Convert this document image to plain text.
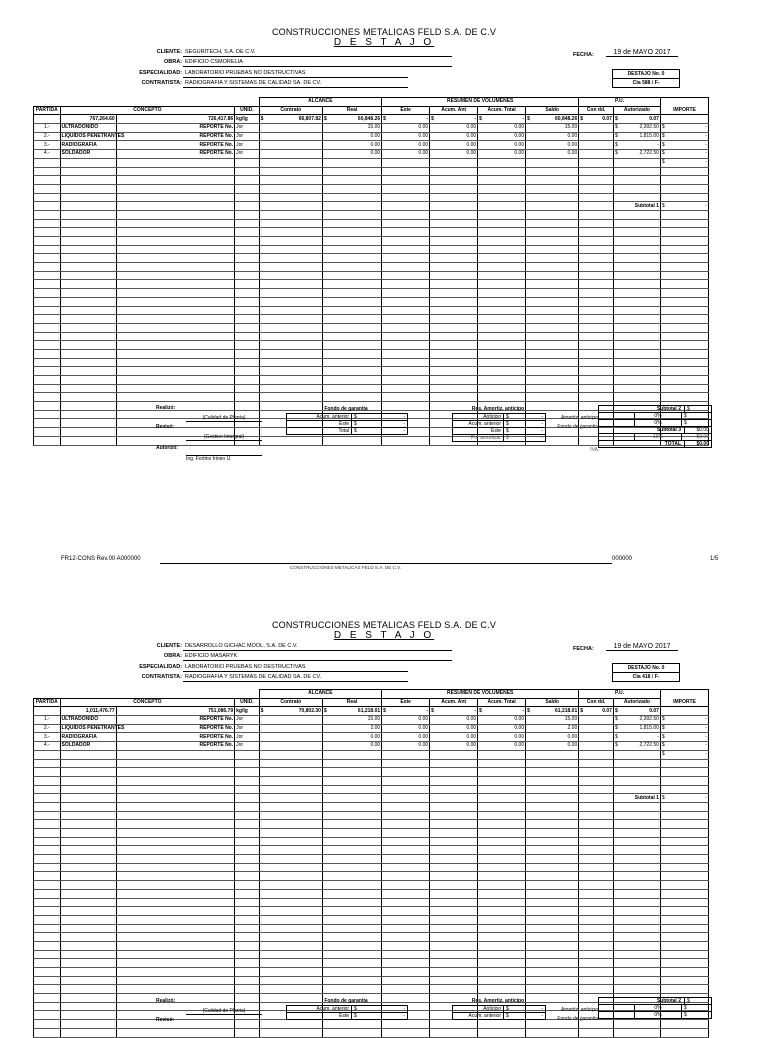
CONSTRUCCIONES METALICAS FELD S.A. DE C.V
D E S T A J O
CLIENTE: SEGURITECH, S.A. DE C.V.
OBRA: EDIFICIO CSMORELIA
ESPECIALIDAD: LABORATORIO PRUEBAS NO DESTRUCTIVAS
CONTRATISTA: RADIOGRAFIA Y SISTEMAS DE CALIDAD SA. DE CV.
FECHA:	19 de MAYO 2017
DESTAJO No. 0
Cta 588 / F-
				ALCANCE		RESUMEN DE VOLUMENES				P.U.		
PARTIDA	CONCEPTO		UNID.	Contrato	Real	Este	Acum. Ant	Acum. Total	Saldo	Con dd.	Autorizado	IMPORTE
	767,264.60	726,417.86	kg/lg	$ 66,807.82	$ 60,848.26	$ -	$ -	$ -	$ 60,848.26	$ 0.07	$ 0.07	
1.-	ULTRADONIDO	REPORTE No.	Jor		15.00	0.00	0.00	0.00	15.00		$ 2,392.50	$ -
2.-	LIQUIDOS PENETRANTES	REPORTE No.	Jor		0.00	0.00	0.00	0.00	0.00		$ 1,815.00	$ -
3.-	RADIOGRAFIA	REPORTE No.	Jor		0.00	0.00	0.00	0.00	0.00		$ -	$ -
4.-	SOLDADOR	REPORTE No.	Jor		0.00	0.00	0.00	0.00	0.00		$ 2,722.50	$ -

												$ -

											Subtotal 1	$ -

Realizó:
(Calidad de Planta)
Revisó:
(Gestion Intergral)
Autorizó:
Ing. Fortino Irineo U.
Fondo de garantia
Acum. anterior	$	-
Este	$	-
Total	$	-
Res. Amortiz. anticipo
Anticipo	$	-
Acum. anterior	$	-
Este	$	-
Por amortizar	$	-
Amortiz. anticipo
Fondo de garantia
IVA
Subtotal 2	$	-
0%	$	-
0%	$	-
Subtotal 3	$0.00
16%	$0.00
TOTAL	$0.00
FR12-CONS Rev.00 A000000
CONSTRUCCIONES METALICAS FELD S.A. DE C.V.
000000	1/5
CONSTRUCCIONES METALICAS FELD S.A. DE C.V
D E S T A J O
CLIENTE: DESARROLLO GICHAC MOOL, S.A. DE C.V.
OBRA: EDIFICIO MASARYK
ESPECIALIDAD: LABORATORIO PRUEBAS NO DESTRUCTIVAS
CONTRATISTA: RADIOGRAFIA Y SISTEMAS DE CALIDAD SA. DE CV.
FECHA:	19 de MAYO 2017
DESTAJO No. 0
Cta 418 / F-
				ALCANCE		RESUMEN DE VOLUMENES				P.U.		
PARTIDA	CONCEPTO		UNID.	Contrato	Real	Este	Acum. Ant	Acum. Total	Saldo	Con dd.	Autorizado	IMPORTE
	1,011,476.77	751,086.79	kg/lg	$ 70,802.30	$ 61,218.01	$ -	$ -	$ -	$ 61,218.01	$ 0.07	$ 0.07	
1.-	ULTRADONIDO	REPORTE No.	Jor		15.00	0.00	0.00	0.00	15.00		$ 2,392.50	$ -
2.-	LIQUIDOS PENETRANTES	REPORTE No.	Jor		2.00	0.00	0.00	0.00	2.00		$ 1,815.00	$ -
3.-	RADIOGRAFIA	REPORTE No.	Jor		0.00	0.00	0.00	0.00	0.00		$ -	$ -
4.-	SOLDADOR	REPORTE No.	Jor		0.00	0.00	0.00	0.00	0.00		$ 2,722.50	$ -

												$ -

											Subtotal 1	$ -

Realizó:
(Calidad de Planta)
Revisó:
Fondo de garantia
Acum. anterior	$	-
Este	$	-
Res. Amortiz. anticipo
Anticipo	$	-
Acum. anterior	$	-
Amortiz. anticipo
Fondo de garantia
Subtotal 2	$	-
0%	$	-
0%	$	-
